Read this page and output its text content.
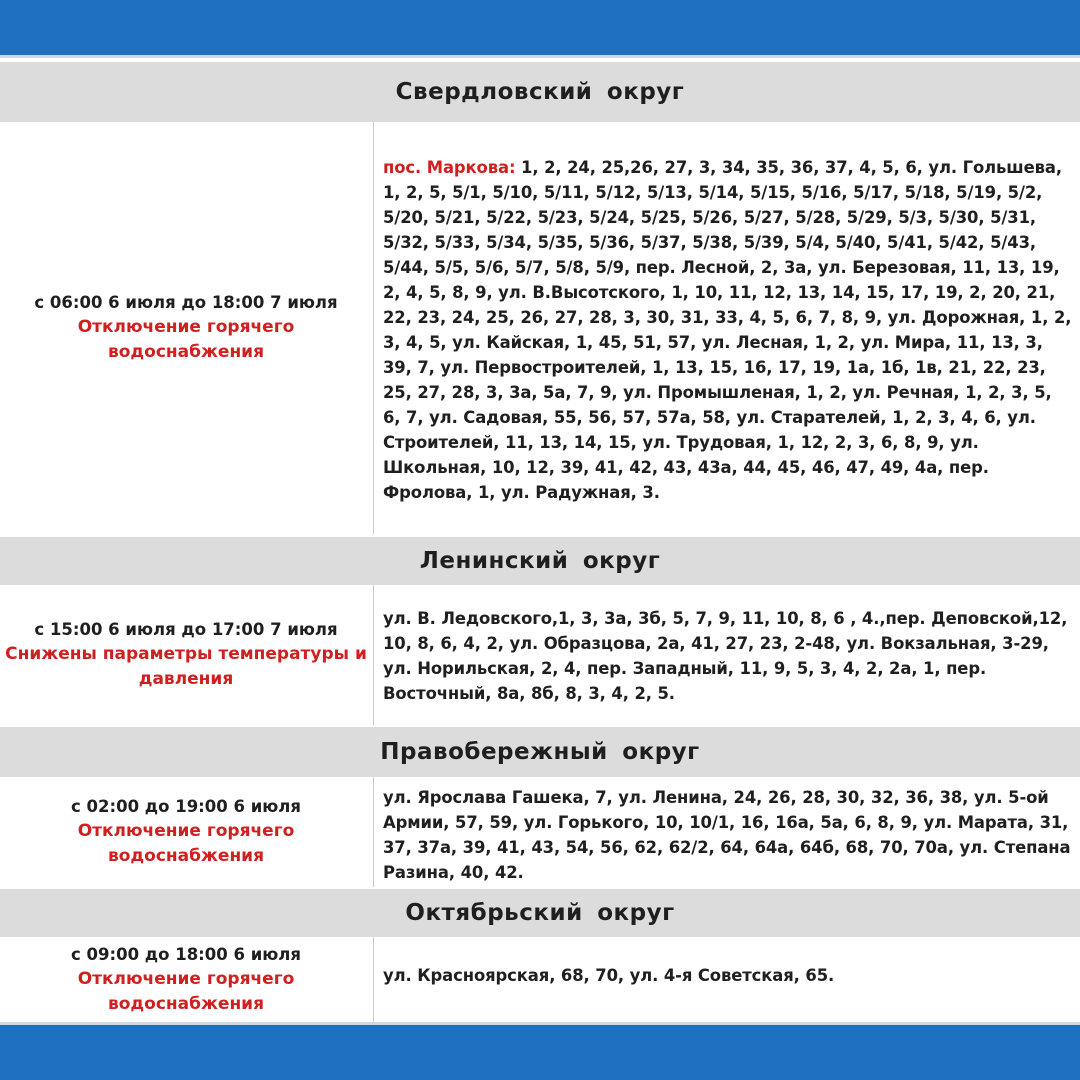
Свердловский округ
с 06:00 6 июля до 18:00 7 июля
Отключение горячего водоснабжения
пос. Маркова: 1, 2, 24, 25,26, 27, 3, 34, 35, 36, 37, 4, 5, 6, ул. Гольшева, 1, 2, 5, 5/1, 5/10, 5/11, 5/12, 5/13, 5/14, 5/15, 5/16, 5/17, 5/18, 5/19, 5/2, 5/20, 5/21, 5/22, 5/23, 5/24, 5/25, 5/26, 5/27, 5/28, 5/29, 5/3, 5/30, 5/31, 5/32, 5/33, 5/34, 5/35, 5/36, 5/37, 5/38, 5/39, 5/4, 5/40, 5/41, 5/42, 5/43, 5/44, 5/5, 5/6, 5/7, 5/8, 5/9, пер. Лесной, 2, 3а, ул. Березовая, 11, 13, 19, 2, 4, 5, 8, 9, ул. В.Высотского, 1, 10, 11, 12, 13, 14, 15, 17, 19, 2, 20, 21, 22, 23, 24, 25, 26, 27, 28, 3, 30, 31, 33, 4, 5, 6, 7, 8, 9, ул. Дорожная, 1, 2, 3, 4, 5, ул. Кайская, 1, 45, 51, 57, ул. Лесная, 1, 2, ул. Мира, 11, 13, 3, 39, 7, ул. Первостроителей, 1, 13, 15, 16, 17, 19, 1а, 1б, 1в, 21, 22, 23, 25, 27, 28, 3, 3а, 5а, 7, 9, ул. Промышленая, 1, 2, ул. Речная, 1, 2, 3, 5, 6, 7, ул. Садовая, 55, 56, 57, 57а, 58, ул. Старателей, 1, 2, 3, 4, 6, ул. Строителей, 11, 13, 14, 15, ул. Трудовая, 1, 12, 2, 3, 6, 8, 9, ул. Школьная, 10, 12, 39, 41, 42, 43, 43а, 44, 45, 46, 47, 49, 4а, пер. Фролова, 1, ул. Радужная, 3.
Ленинский округ
с 15:00 6 июля до 17:00 7 июля
Снижены параметры температуры и давления
ул. В. Ледовского,1, 3, 3а, 3б, 5, 7, 9, 11, 10, 8, 6 , 4.,пер. Деповской,12, 10, 8, 6, 4, 2, ул. Образцова, 2а, 41, 27, 23, 2-48, ул. Вокзальная, 3-29, ул. Норильская, 2, 4, пер. Западный, 11, 9, 5, 3, 4, 2, 2а, 1, пер. Восточный, 8а, 8б, 8, 3, 4, 2, 5.
Правобережный округ
с 02:00 до 19:00 6 июля
Отключение горячего водоснабжения
ул. Ярослава Гашека, 7, ул. Ленина, 24, 26, 28, 30, 32, 36, 38, ул. 5-ой Армии, 57, 59, ул. Горького, 10, 10/1, 16, 16а, 5а, 6, 8, 9, ул. Марата, 31, 37, 37а, 39, 41, 43, 54, 56, 62, 62/2, 64, 64а, 64б, 68, 70, 70а, ул. Степана Разина, 40, 42.
Октябрьский округ
с 09:00 до 18:00 6 июля
Отключение горячего водоснабжения
ул. Красноярская, 68, 70, ул. 4-я Советская, 65.
